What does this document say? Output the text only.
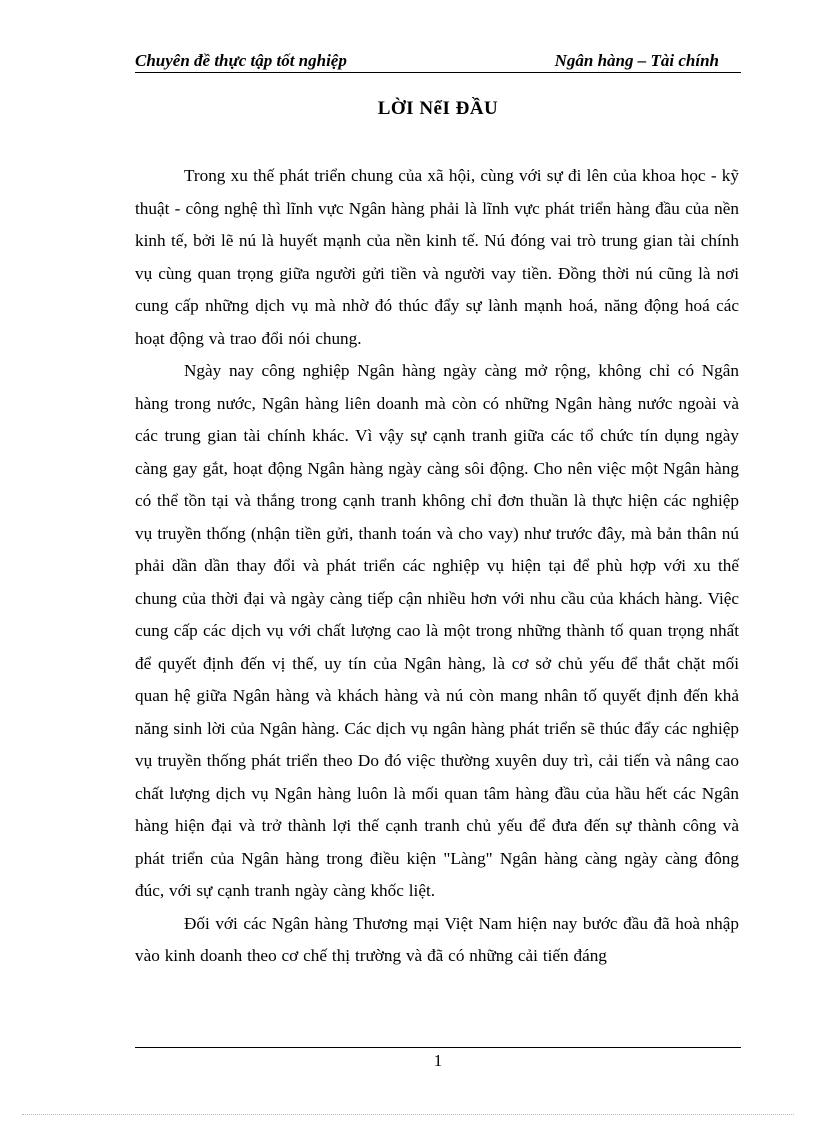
Chuyên đề thực tập tốt nghiệp	Ngân hàng – Tài chính
LỜI NểI ĐẦU

Trong xu thế phát triển chung của xã hội, cùng với sự đi lên của khoa học - kỹ thuật - công nghệ thì lĩnh vực Ngân hàng phải là lĩnh vực phát triển hàng đầu của nền kinh tế, bởi lẽ nú là huyết mạnh của nền kinh tế. Nú đóng vai trò trung gian tài chính vụ cùng quan trọng giữa người gửi tiền và người vay tiền. Đồng thời nú cũng là nơi cung cấp những dịch vụ mà nhờ đó thúc đẩy sự lành mạnh hoá, năng động hoá các hoạt động và trao đổi nói chung.

Ngày nay công nghiệp Ngân hàng ngày càng mở rộng, không chỉ có Ngân hàng trong nước, Ngân hàng liên doanh mà còn có những Ngân hàng nước ngoài và các trung gian tài chính khác. Vì vậy sự cạnh tranh giữa các tổ chức tín dụng ngày càng gay gắt, hoạt động Ngân hàng ngày càng sôi động. Cho nên việc một Ngân hàng có thể tồn tại và thắng trong cạnh tranh không chỉ đơn thuần là thực hiện các nghiệp vụ truyền thống (nhận tiền gửi, thanh toán và cho vay) như trước đây, mà bản thân nú phải dần dần thay đổi và phát triển các nghiệp vụ hiện tại để phù hợp với xu thế chung của thời đại và ngày càng tiếp cận nhiều hơn với nhu cầu của khách hàng. Việc cung cấp các dịch vụ với chất lượng cao là một trong những thành tố quan trọng nhất để quyết định đến vị thế, uy tín của Ngân hàng, là cơ sở chủ yếu để thắt chặt mối quan hệ giữa Ngân hàng và khách hàng và nú còn mang nhân tố quyết định đến khả năng sinh lời của Ngân hàng. Các dịch vụ ngân hàng phát triển sẽ thúc đẩy các nghiệp vụ truyền thống phát triển theo Do đó việc thường xuyên duy trì, cải tiến và nâng cao chất lượng dịch vụ Ngân hàng luôn là mối quan tâm hàng đầu của hầu hết các Ngân hàng hiện đại và trở thành lợi thế cạnh tranh chủ yếu để đưa đến sự thành công và phát triển của Ngân hàng trong điều kiện "Làng" Ngân hàng càng ngày càng đông đúc, với sự cạnh tranh ngày càng khốc liệt.

Đối với các Ngân hàng Thương mại Việt Nam hiện nay bước đầu đã hoà nhập vào kinh doanh theo cơ chế thị trường và đã có những cải tiến đáng

1
